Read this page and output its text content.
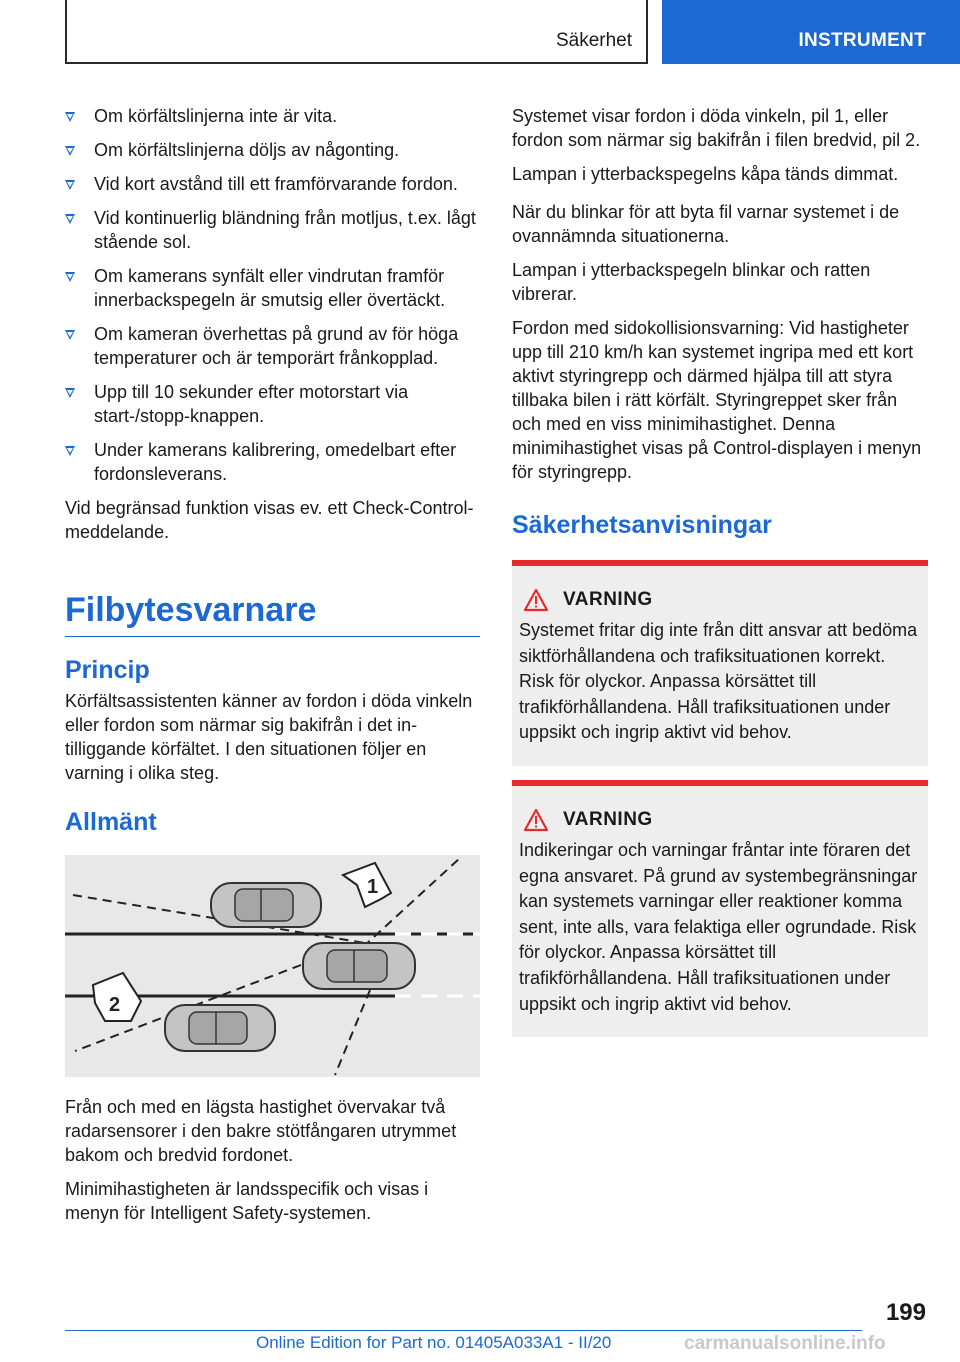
Säkerhet	INSTRUMENT
Om körfältslinjerna inte är vita.
Om körfältslinjerna döljs av någonting.
Vid kort avstånd till ett framförvarande fordon.
Vid kontinuerlig bländning från motljus, t.ex. lågt stående sol.
Om kamerans synfält eller vindrutan framför innerbackspegeln är smutsig eller övertäckt.
Om kameran överhettas på grund av för höga temperaturer och är temporärt frånkopplad.
Upp till 10 sekunder efter motorstart via start-/stopp-knappen.
Under kamerans kalibrering, omedelbart efter fordonsleverans.

Vid begränsad funktion visas ev. ett Check-Control-meddelande.

Filbytesvarnare
Princip

Körfältsassistenten känner av fordon i döda vinkeln eller fordon som närmar sig bakifrån i det intilliggande körfältet. I den situationen följer en varning i olika steg.

Allmänt
1
2

Från och med en lägsta hastighet övervakar två radarsensorer i den bakre stötfångaren utrymmet bakom och bredvid fordonet.

Minimihastigheten är landsspecifik och visas i menyn för Intelligent Safety-systemen.

Systemet visar fordon i döda vinkeln, pil 1, eller fordon som närmar sig bakifrån i filen bredvid, pil 2.

Lampan i ytterbackspegelns kåpa tänds dimmat.

När du blinkar för att byta fil varnar systemet i de ovannämnda situationerna.

Lampan i ytterbackspegeln blinkar och ratten vibrerar.

Fordon med sidokollisionsvarning: Vid hastigheter upp till 210 km/h kan systemet ingripa med ett kort aktivt styringrepp och därmed hjälpa till att styra tillbaka bilen i rätt körfält. Styringreppet sker från och med en viss minimihastighet. Denna minimihastighet visas på Control-displayen i menyn för styringrepp.

Säkerhetsanvisningar
VARNING

Systemet fritar dig inte från ditt ansvar att bedöma siktförhållandena och trafiksituationen korrekt. Risk för olyckor. Anpassa körsättet till trafikförhållandena. Håll trafiksituationen under uppsikt och ingrip aktivt vid behov.

VARNING

Indikeringar och varningar fråntar inte föraren det egna ansvaret. På grund av systembegränsningar kan systemets varningar eller reaktioner komma sent, inte alls, vara felaktiga eller ogrundade. Risk för olyckor. Anpassa körsättet till trafikförhållandena. Håll trafiksituationen under uppsikt och ingrip aktivt vid behov.

199
Online Edition for Part no. 01405A033A1 - II/20	carmanualsonline.info
